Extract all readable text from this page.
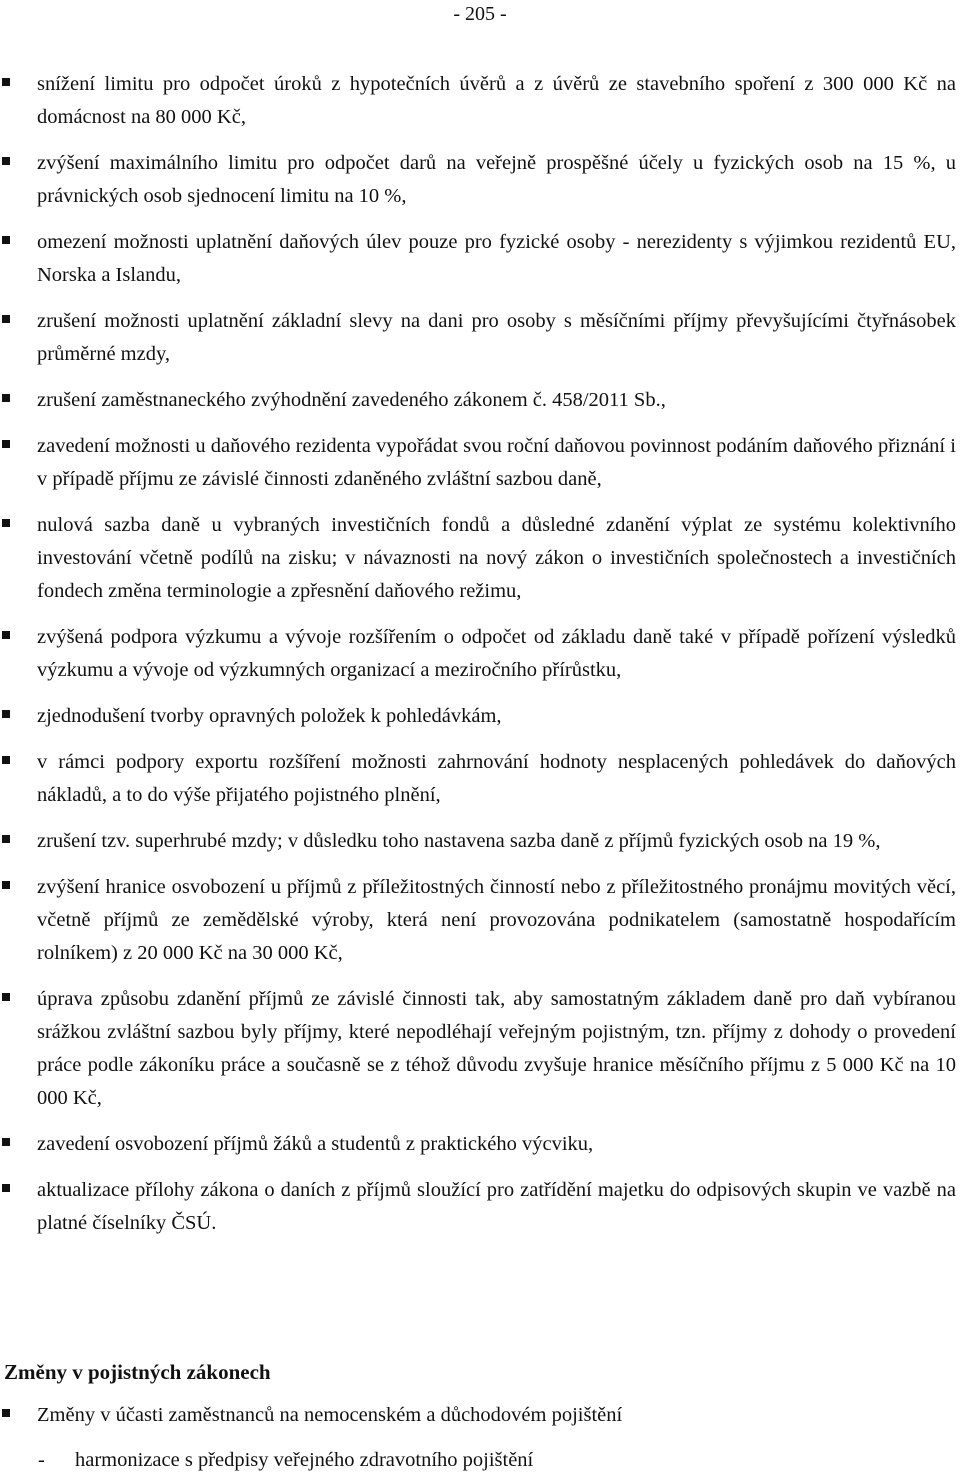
- 205 -
snížení limitu pro odpočet úroků z hypotečních úvěrů a z úvěrů ze stavebního spoření z 300 000 Kč na domácnost na 80 000 Kč,
zvýšení maximálního limitu pro odpočet darů na veřejně prospěšné účely u fyzických osob na 15 %, u právnických osob sjednocení limitu na 10 %,
omezení možnosti uplatnění daňových úlev pouze pro fyzické osoby - nerezidenty s výjimkou rezidentů EU, Norska a Islandu,
zrušení možnosti uplatnění základní slevy na dani pro osoby s měsíčními příjmy převyšujícími čtyřnásobek průměrné mzdy,
zrušení zaměstnaneckého zvýhodnění zavedeného zákonem č. 458/2011 Sb.,
zavedení možnosti u daňového rezidenta vypořádat svou roční daňovou povinnost podáním daňového přiznání i v případě příjmu ze závislé činnosti zdaněného zvláštní sazbou daně,
nulová sazba daně u vybraných investičních fondů a důsledné zdanění výplat ze systému kolektivního investování včetně podílů na zisku; v návaznosti na nový zákon o investičních společnostech a investičních fondech změna terminologie a zpřesnění daňového režimu,
zvýšená podpora výzkumu a vývoje rozšířením o odpočet od základu daně také v případě pořízení výsledků výzkumu a vývoje od výzkumných organizací a meziročního přírůstku,
zjednodušení tvorby opravných položek k pohledávkám,
v rámci podpory exportu rozšíření možnosti zahrnování hodnoty nesplacených pohledávek do daňových nákladů, a to do výše přijatého pojistného plnění,
zrušení tzv. superhrubé mzdy; v důsledku toho nastavena sazba daně z příjmů fyzických osob na 19 %,
zvýšení hranice osvobození u příjmů z příležitostných činností nebo z příležitostného pronájmu movitých věcí, včetně příjmů ze zemědělské výroby, která není provozována podnikatelem (samostatně hospodařícím rolníkem) z 20 000 Kč na 30 000 Kč,
úprava způsobu zdanění příjmů ze závislé činnosti tak, aby samostatným základem daně pro daň vybíranou srážkou zvláštní sazbou byly příjmy, které nepodléhají veřejným pojistným, tzn. příjmy z dohody o provedení práce podle zákoníku práce a současně se z téhož důvodu zvyšuje hranice měsíčního příjmu z 5 000 Kč na 10 000 Kč,
zavedení osvobození příjmů žáků a studentů z praktického výcviku,
aktualizace přílohy zákona o daních z příjmů sloužící pro zatřídění majetku do odpisových skupin ve vazbě na platné číselníky ČSÚ.
Změny v pojistných zákonech
Změny v účasti zaměstnanců na nemocenském a důchodovém pojištění
- harmonizace s předpisy veřejného zdravotního pojištění
